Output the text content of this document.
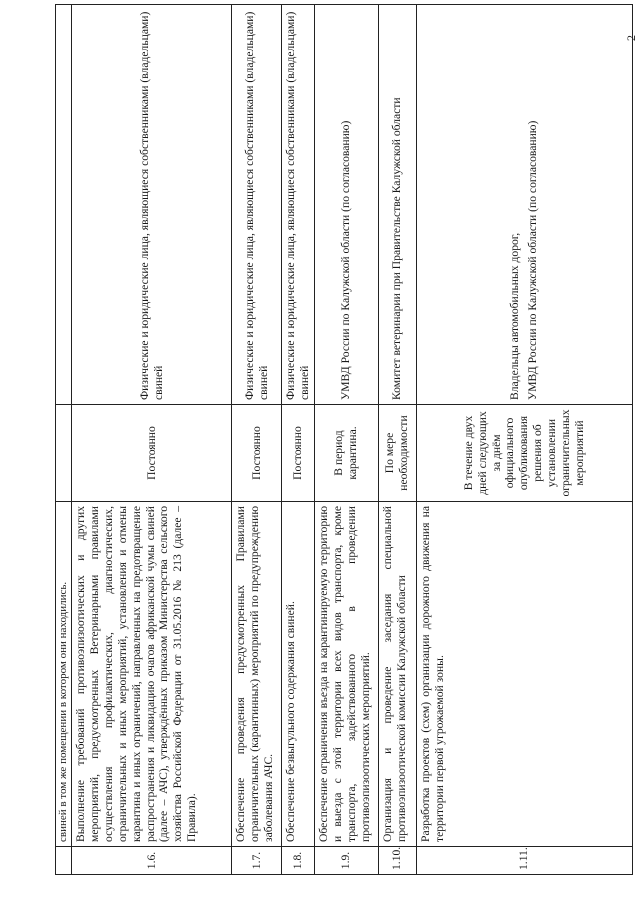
2
	свиней в том же помещении в котором они находились.		
1.6.	Выполнение требований противоэпизоотических и других мероприятий, предусмотренных Ветеринарными правилами осуществления профилактических, диагностических, ограничительных и иных мероприятий, установления и отмены карантина и иных ограничений, направленных на предотвращение распространения и ликвидацию очагов африканской чумы свиней (далее – АЧС), утверждённых приказом Министерства сельского хозяйства Российской Федерации от 31.05.2016 № 213 (далее – Правила).	Постоянно	Физические и юридические лица, являющиеся собственниками (владельцами) свиней

1.7.	Обеспечение проведения предусмотренных Правилами ограничительных (карантинных) мероприятий по предупреждению заболевания АЧС.	Постоянно	Физические и юридические лица, являющиеся собственниками (владельцами) свиней

1.8.	Обеспечение безвыгульного содержания свиней.	Постоянно	Физические и юридические лица, являющиеся собственниками (владельцами) свиней

1.9.	Обеспечение ограничения въезда на карантинируемую территорию и выезда с этой территории всех видов транспорта, кроме транспорта, задействованного в проведении противоэпизоотических мероприятий.	В период карантина.	УМВД России по Калужской области (по согласованию)

1.10.	Организация и проведение заседания специальной противоэпизоотической комиссии Калужской области	По мере необходимости	Комитет ветеринарии при Правительстве Калужской области

1.11.	Разработка проектов (схем) организации дорожного движения на территории первой угрожаемой зоны.	В течение двух дней следующих за днём официального опубликования решения об установлении ограничительных мероприятий	Владельцы автомобильных дорог, УМВД России по Калужской области (по согласованию)
